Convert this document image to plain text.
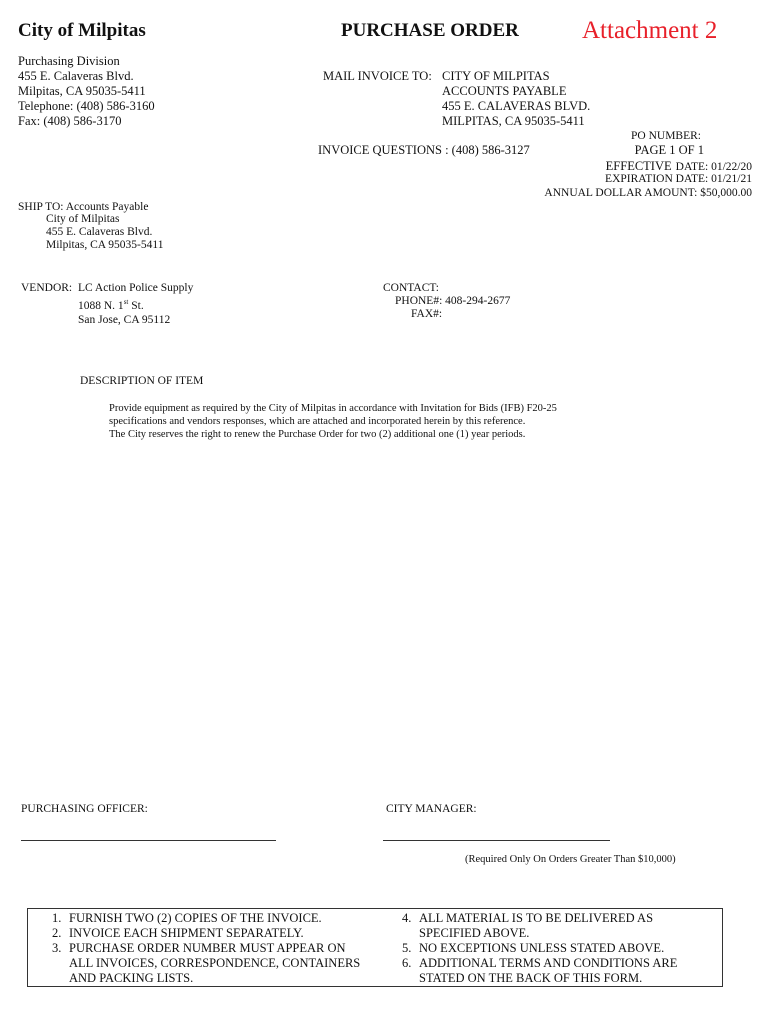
City of Milpitas	PURCHASE ORDER	Attachment 2
Purchasing Division
455 E. Calaveras Blvd.
Milpitas, CA 95035-5411
Telephone: (408) 586-3160
Fax: (408) 586-3170
MAIL INVOICE TO: CITY OF MILPITAS
ACCOUNTS PAYABLE
455 E. CALAVERAS BLVD.
MILPITAS, CA 95035-5411
INVOICE QUESTIONS : (408) 586-3127
PO NUMBER:
PAGE 1 OF 1
EFFECTIVE DATE: 01/22/20
EXPIRATION DATE: 01/21/21
ANNUAL DOLLAR AMOUNT: $50,000.00
SHIP TO: Accounts Payable
City of Milpitas
455 E. Calaveras Blvd.
Milpitas, CA 95035-5411
VENDOR: LC Action Police Supply
1088 N. 1st St.
San Jose, CA 95112
CONTACT:
PHONE#: 408-294-2677
FAX#:
DESCRIPTION OF ITEM
Provide equipment as required by the City of Milpitas in accordance with Invitation for Bids (IFB) F20-25
specifications and vendors responses, which are attached and incorporated herein by this reference.
The City reserves the right to renew the Purchase Order for two (2) additional one (1) year periods.
PURCHASING OFFICER:	CITY MANAGER:
(Required Only On Orders Greater Than $10,000)
1. FURNISH TWO (2) COPIES OF THE INVOICE.
2. INVOICE EACH SHIPMENT SEPARATELY.
3. PURCHASE ORDER NUMBER MUST APPEAR ON
ALL INVOICES, CORRESPONDENCE, CONTAINERS
AND PACKING LISTS.
4. ALL MATERIAL IS TO BE DELIVERED AS
SPECIFIED ABOVE.
5. NO EXCEPTIONS UNLESS STATED ABOVE.
6. ADDITIONAL TERMS AND CONDITIONS ARE
STATED ON THE BACK OF THIS FORM.
